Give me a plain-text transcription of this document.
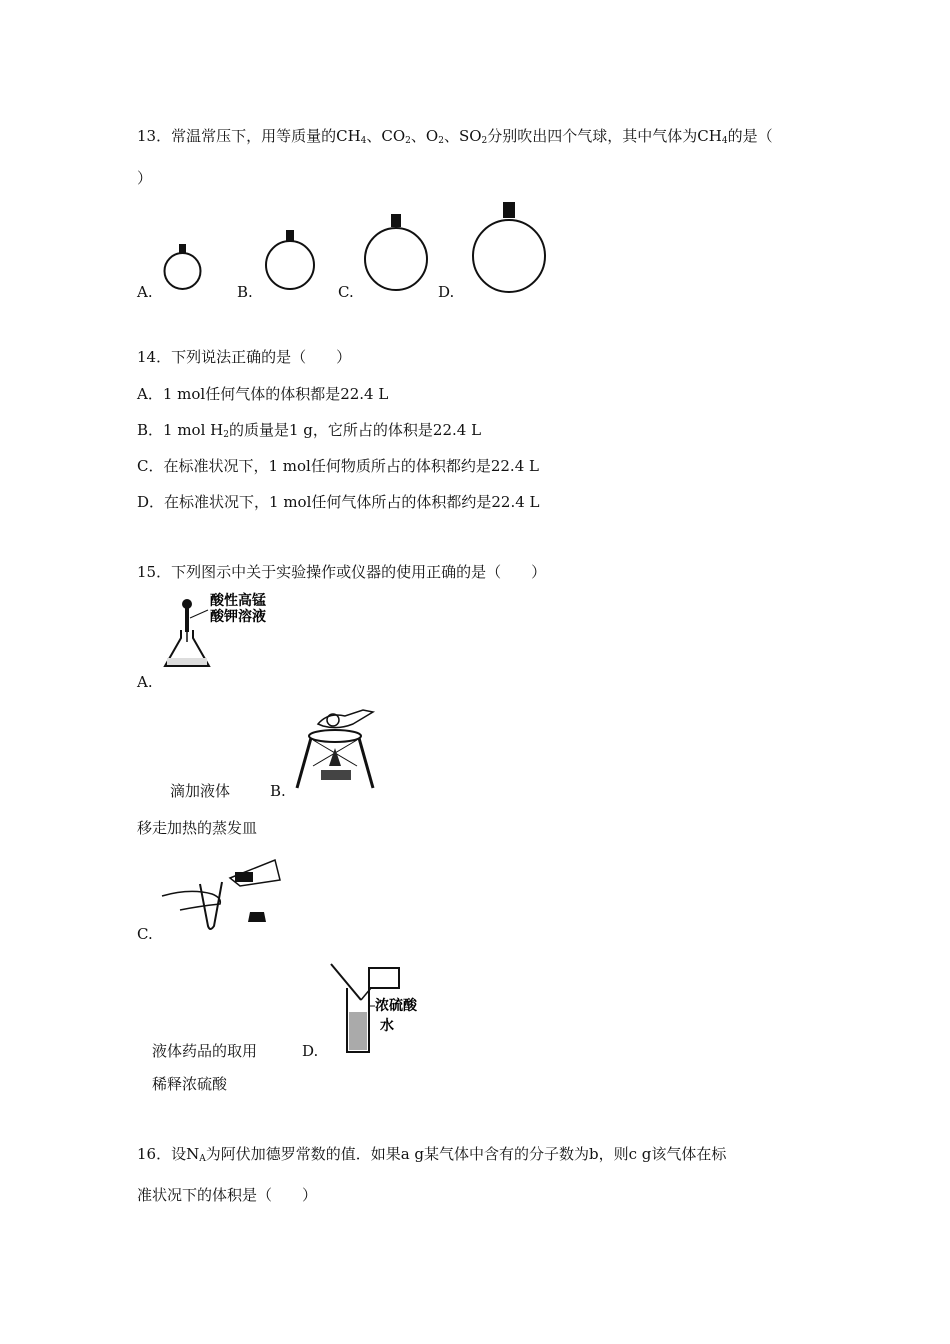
13．常温常压下，用等质量的$CH_4$、$CO_2$、$O_2$、$SO_2$分别吹出四个气球，其中气体为$CH_4$的是（
）
A.	B.	C.	D.
14．下列说法正确的是（　　）
A．1 mol任何气体的体积都是22.4 L
B．1 mol $H_2$的质量是1 g，它所占的体积是22.4 L
C．在标准状况下，1 mol任何物质所占的体积都约是22.4 L
D．在标准状况下，1 mol任何气体所占的体积都约是22.4 L
15．下列图示中关于实验操作或仪器的使用正确的是（　　）
酸性高锰
酸钾溶液
A.
滴加液体	B.
移走加热的蒸发皿
C.
浓硫酸
水
液体药品的取用	D.
稀释浓硫酸
16．设$N_A$为阿伏加德罗常数的值．如果a g某气体中含有的分子数为b，则c g该气体在标
准状况下的体积是（　　）
